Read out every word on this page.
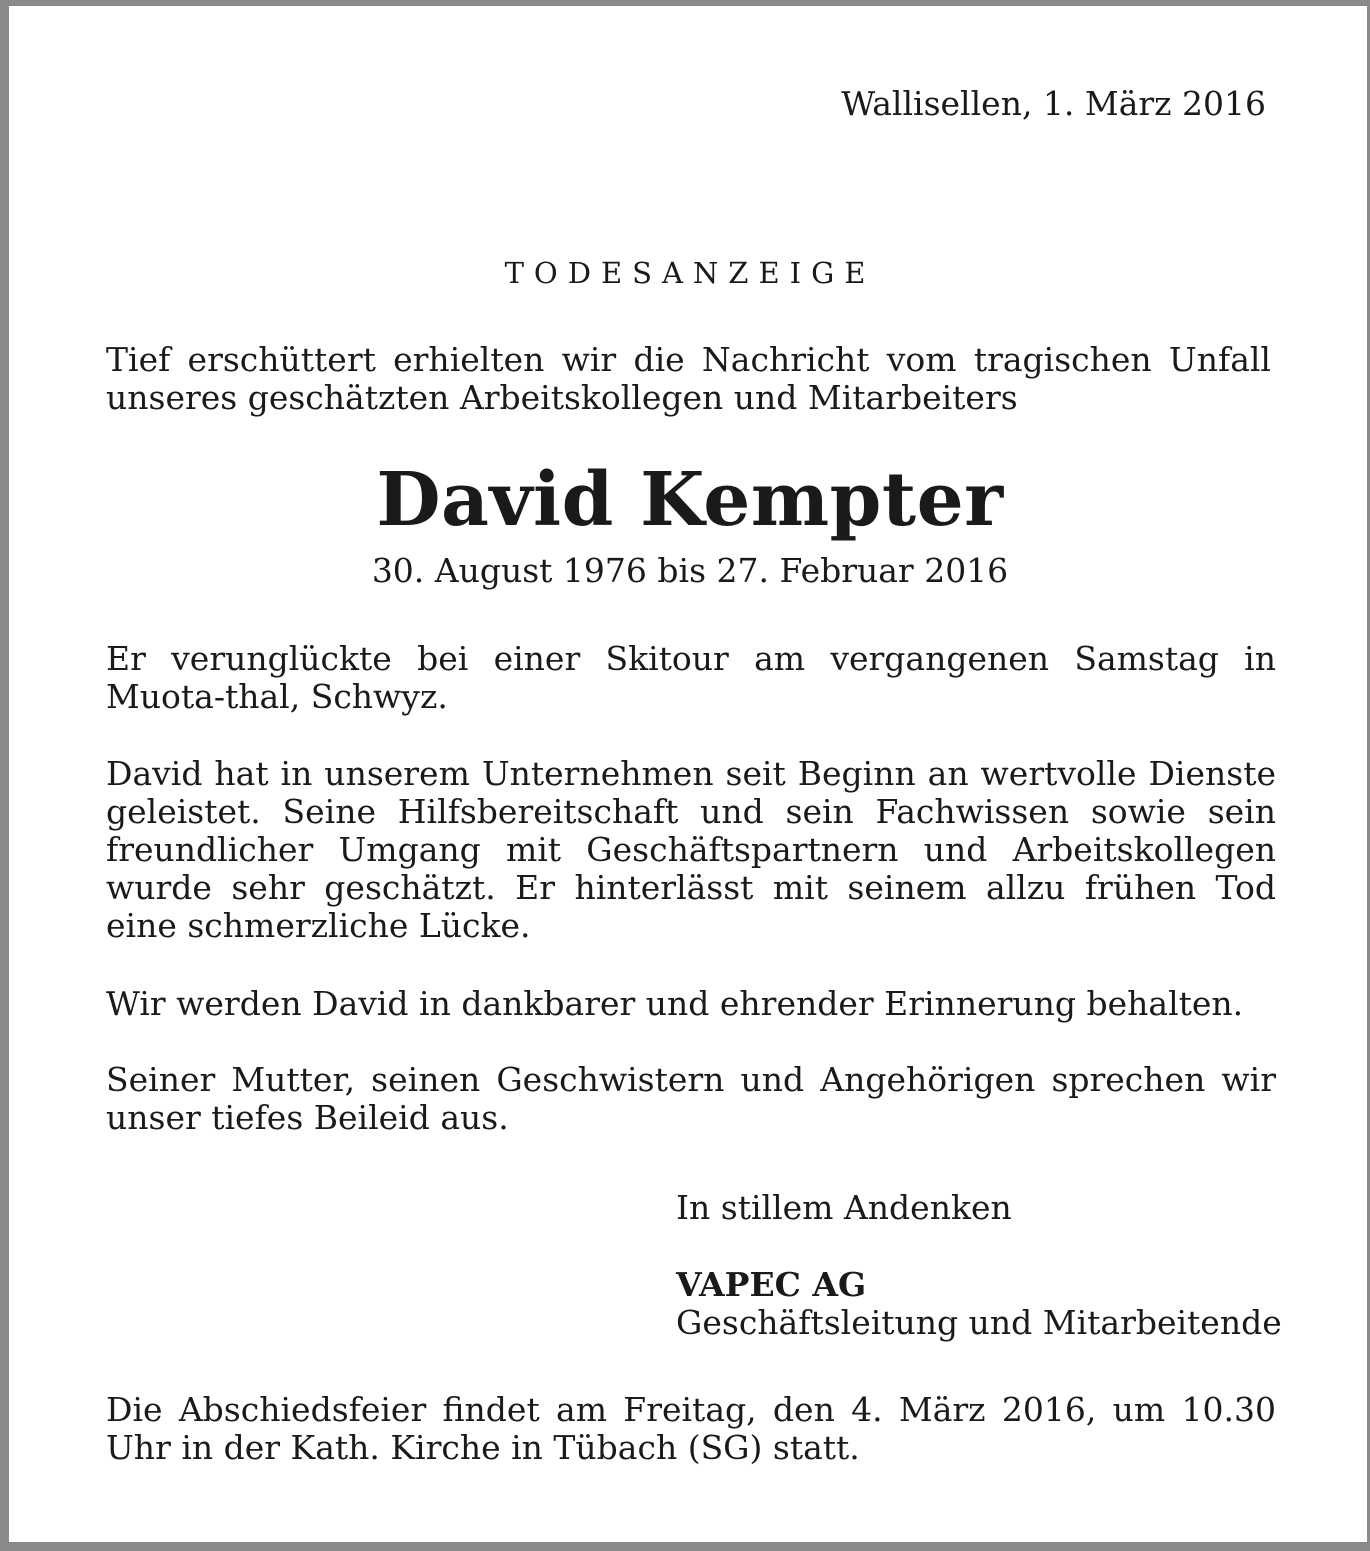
Wallisellen, 1. März 2016
TODESANZEIGE
Tief erschüttert erhielten wir die Nachricht vom tragischen Unfall unseres geschätzten Arbeitskollegen und Mitarbeiters
David Kempter
30. August 1976 bis 27. Februar 2016
Er verunglückte bei einer Skitour am vergangenen Samstag in Muota-thal, Schwyz.
David hat in unserem Unternehmen seit Beginn an wertvolle Dienste geleistet. Seine Hilfsbereitschaft und sein Fachwissen sowie sein freundlicher Umgang mit Geschäftspartnern und Arbeitskollegen wurde sehr geschätzt. Er hinterlässt mit seinem allzu frühen Tod eine schmerzliche Lücke.
Wir werden David in dankbarer und ehrender Erinnerung behalten.
Seiner Mutter, seinen Geschwistern und Angehörigen sprechen wir unser tiefes Beileid aus.
In stillem Andenken
VAPEC AG
Geschäftsleitung und Mitarbeitende
Die Abschiedsfeier findet am Freitag, den 4. März 2016, um 10.30 Uhr in der Kath. Kirche in Tübach (SG) statt.
